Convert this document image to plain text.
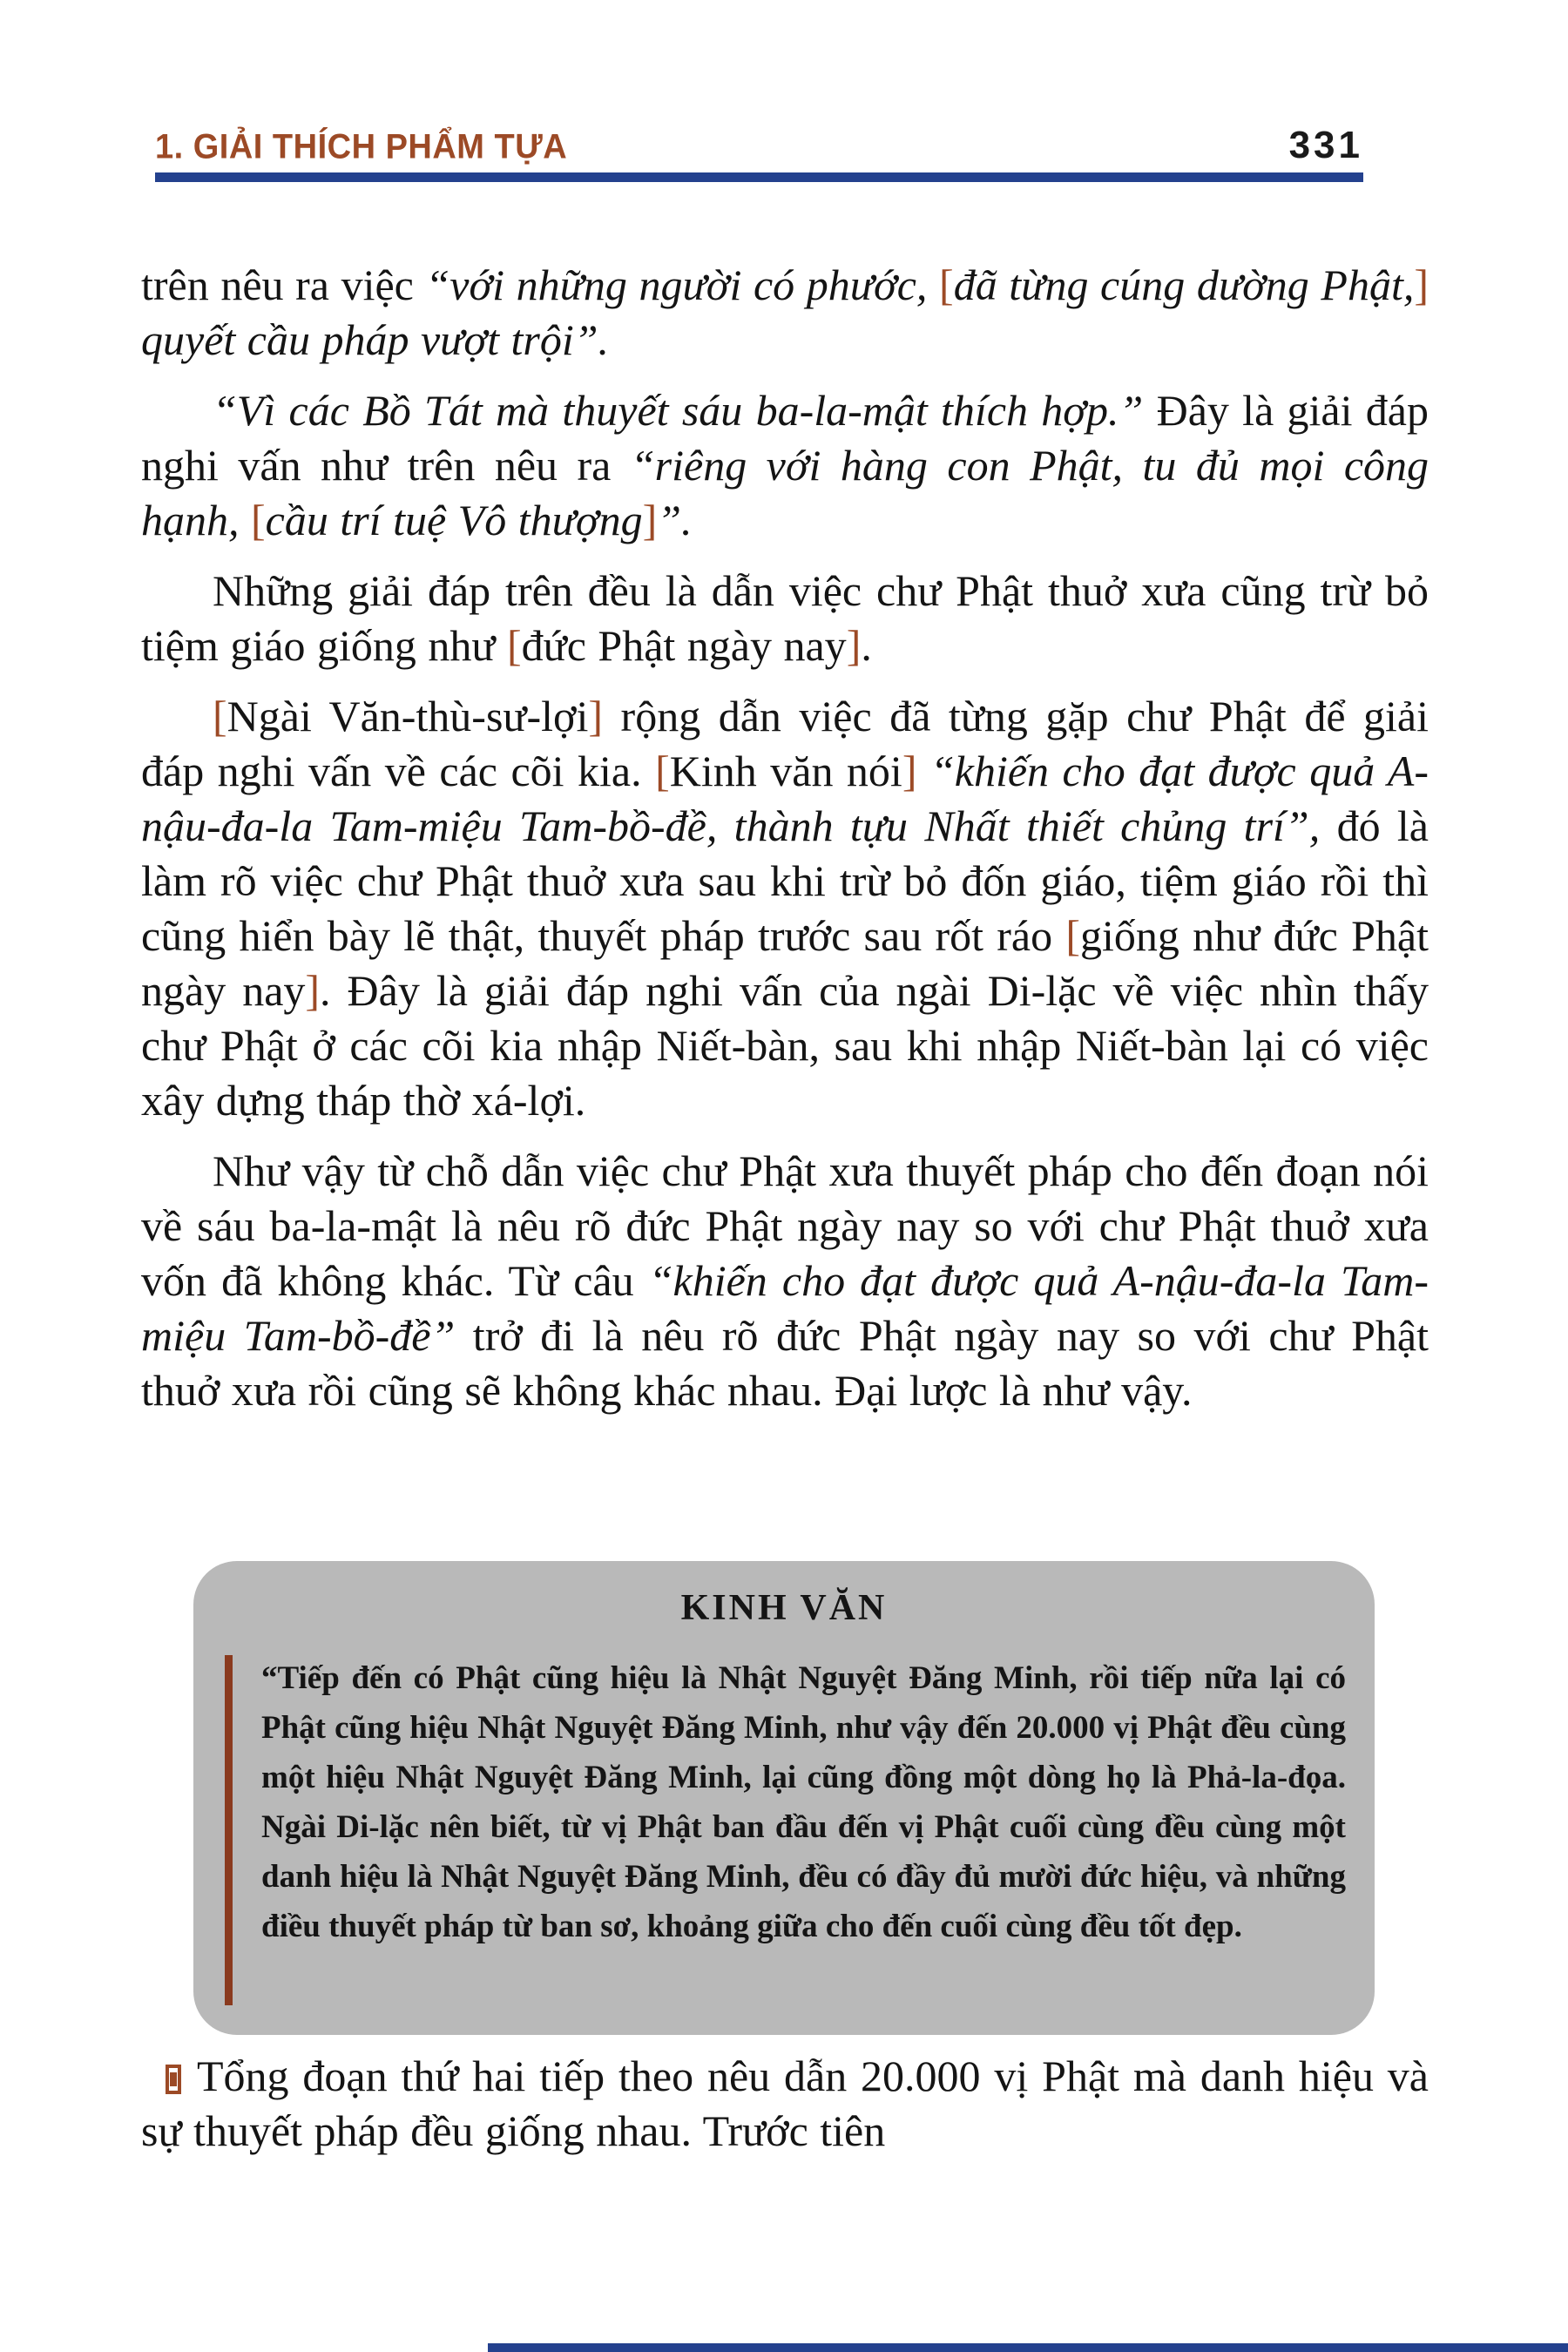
1. GIẢI THÍCH PHẨM TỰA	331

trên nêu ra việc “với những người có phước, [đã từng cúng dường Phật,] quyết cầu pháp vượt trội”.

“Vì các Bồ Tát mà thuyết sáu ba-la-mật thích hợp.” Đây là giải đáp nghi vấn như trên nêu ra “riêng với hàng con Phật, tu đủ mọi công hạnh, [cầu trí tuệ Vô thượng]”.

Những giải đáp trên đều là dẫn việc chư Phật thuở xưa cũng trừ bỏ tiệm giáo giống như [đức Phật ngày nay].

[Ngài Văn-thù-sư-lợi] rộng dẫn việc đã từng gặp chư Phật để giải đáp nghi vấn về các cõi kia. [Kinh văn nói] “khiến cho đạt được quả A-nậu-đa-la Tam-miệu Tam-bồ-đề, thành tựu Nhất thiết chủng trí”, đó là làm rõ việc chư Phật thuở xưa sau khi trừ bỏ đốn giáo, tiệm giáo rồi thì cũng hiển bày lẽ thật, thuyết pháp trước sau rốt ráo [giống như đức Phật ngày nay]. Đây là giải đáp nghi vấn của ngài Di-lặc về việc nhìn thấy chư Phật ở các cõi kia nhập Niết-bàn, sau khi nhập Niết-bàn lại có việc xây dựng tháp thờ xá-lợi.

Như vậy từ chỗ dẫn việc chư Phật xưa thuyết pháp cho đến đoạn nói về sáu ba-la-mật là nêu rõ đức Phật ngày nay so với chư Phật thuở xưa vốn đã không khác. Từ câu “khiến cho đạt được quả A-nậu-đa-la Tam-miệu Tam-bồ-đề” trở đi là nêu rõ đức Phật ngày nay so với chư Phật thuở xưa rồi cũng sẽ không khác nhau. Đại lược là như vậy.

KINH VĂN
“Tiếp đến có Phật cũng hiệu là Nhật Nguyệt Đăng Minh, rồi tiếp nữa lại có Phật cũng hiệu Nhật Nguyệt Đăng Minh, như vậy đến 20.000 vị Phật đều cùng một hiệu Nhật Nguyệt Đăng Minh, lại cũng đồng một dòng họ là Phả-la-đọa. Ngài Di-lặc nên biết, từ vị Phật ban đầu đến vị Phật cuối cùng đều cùng một danh hiệu là Nhật Nguyệt Đăng Minh, đều có đầy đủ mười đức hiệu, và những điều thuyết pháp từ ban sơ, khoảng giữa cho đến cuối cùng đều tốt đẹp.

Tổng đoạn thứ hai tiếp theo nêu dẫn 20.000 vị Phật mà danh hiệu và sự thuyết pháp đều giống nhau. Trước tiên
